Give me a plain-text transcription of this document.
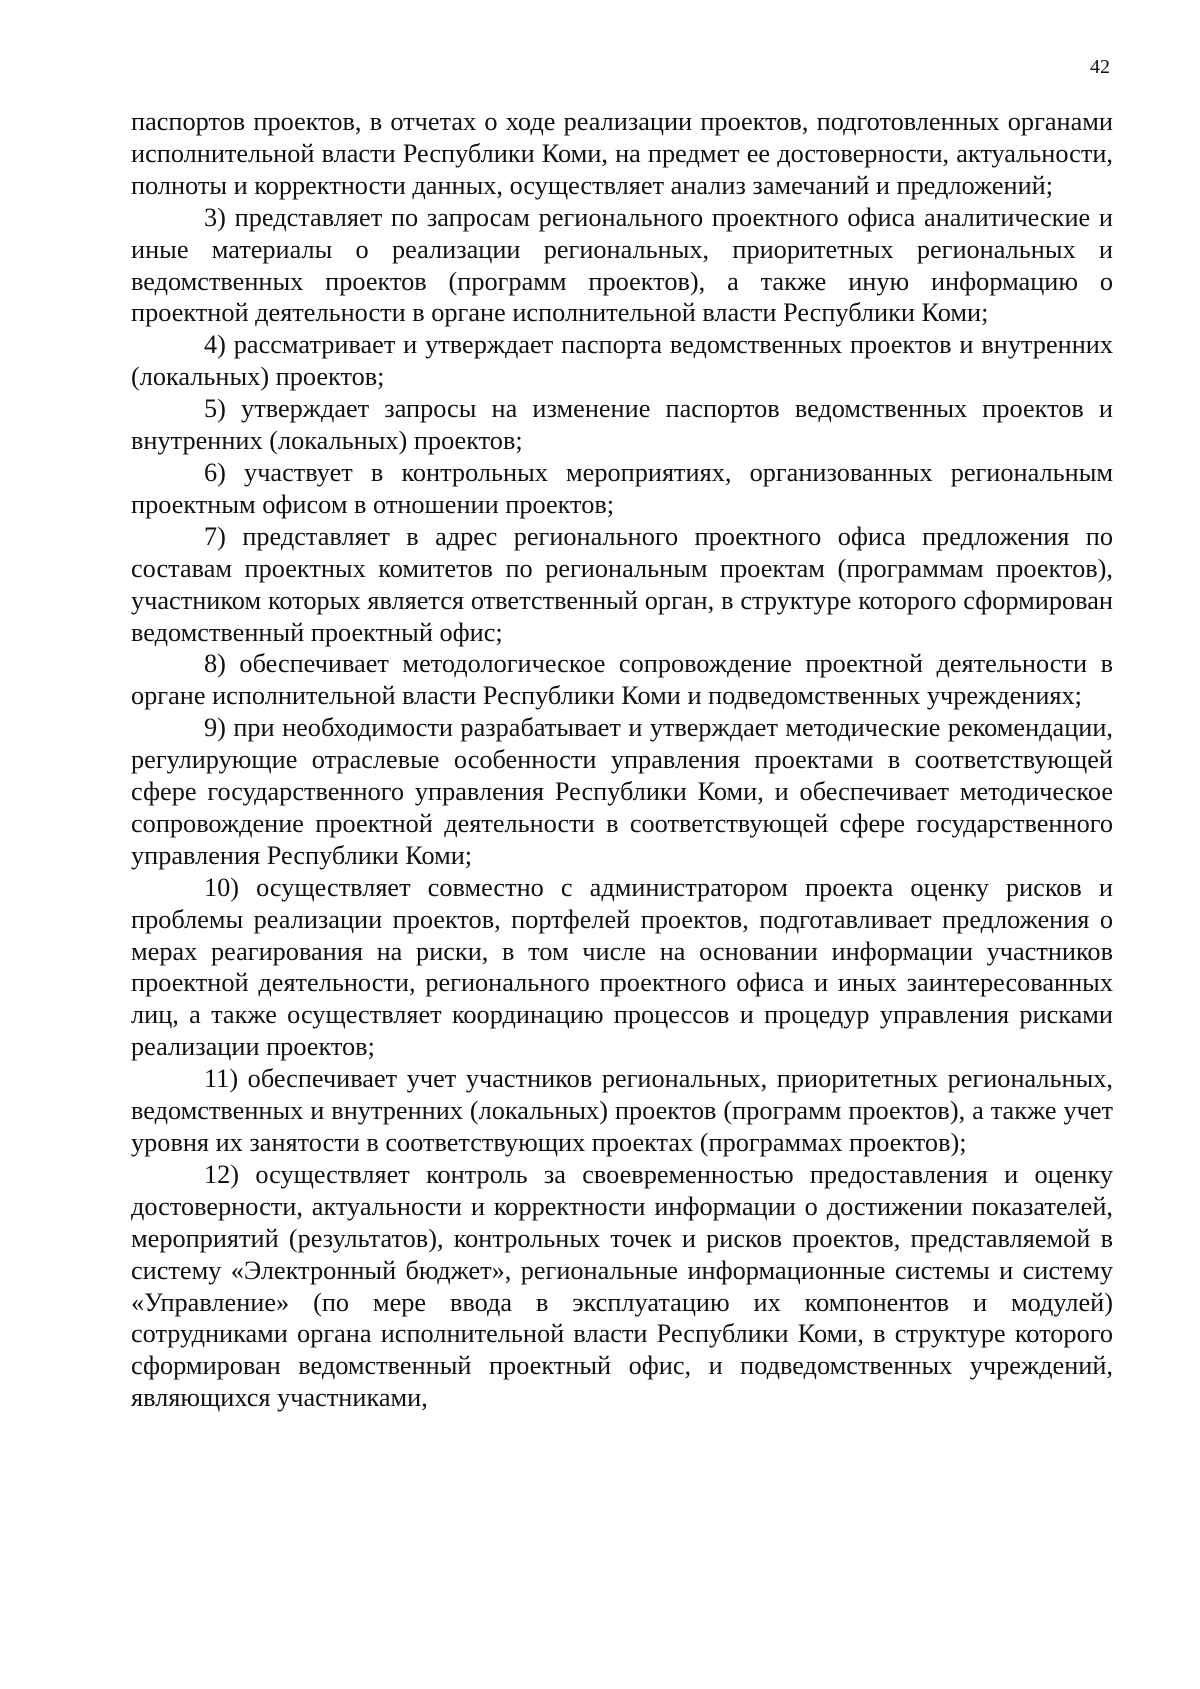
42

паспортов проектов, в отчетах о ходе реализации проектов, подготовленных органами исполнительной власти Республики Коми, на предмет ее достоверности, актуальности, полноты и корректности данных, осуществляет анализ замечаний и предложений;

3) представляет по запросам регионального проектного офиса аналитические и иные материалы о реализации региональных, приоритетных региональных и ведомственных проектов (программ проектов), а также иную информацию о проектной деятельности в органе исполнительной власти Республики Коми;

4) рассматривает и утверждает паспорта ведомственных проектов и внутренних (локальных) проектов;

5) утверждает запросы на изменение паспортов ведомственных проектов и внутренних (локальных) проектов;

6) участвует в контрольных мероприятиях, организованных региональным проектным офисом в отношении проектов;

7) представляет в адрес регионального проектного офиса предложения по составам проектных комитетов по региональным проектам (программам проектов), участником которых является ответственный орган, в структуре которого сформирован ведомственный проектный офис;

8) обеспечивает методологическое сопровождение проектной деятельности в органе исполнительной власти Республики Коми и подведомственных учреждениях;

9) при необходимости разрабатывает и утверждает методические рекомендации, регулирующие отраслевые особенности управления проектами в соответствующей сфере государственного управления Республики Коми, и обеспечивает методическое сопровождение проектной деятельности в соответствующей сфере государственного управления Республики Коми;

10) осуществляет совместно с администратором проекта оценку рисков и проблемы реализации проектов, портфелей проектов, подготавливает предложения о мерах реагирования на риски, в том числе на основании информации участников проектной деятельности, регионального проектного офиса и иных заинтересованных лиц, а также осуществляет координацию процессов и процедур управления рисками реализации проектов;

11) обеспечивает учет участников региональных, приоритетных региональных, ведомственных и внутренних (локальных) проектов (программ проектов), а также учет уровня их занятости в соответствующих проектах (программах проектов);

12) осуществляет контроль за своевременностью предоставления и оценку достоверности, актуальности и корректности информации о достижении показателей, мероприятий (результатов), контрольных точек и рисков проектов, представляемой в систему «Электронный бюджет», региональные информационные системы и систему «Управление» (по мере ввода в эксплуатацию их компонентов и модулей) сотрудниками органа исполнительной власти Республики Коми, в структуре которого сформирован ведомственный проектный офис, и подведомственных учреждений, являющихся участниками,
